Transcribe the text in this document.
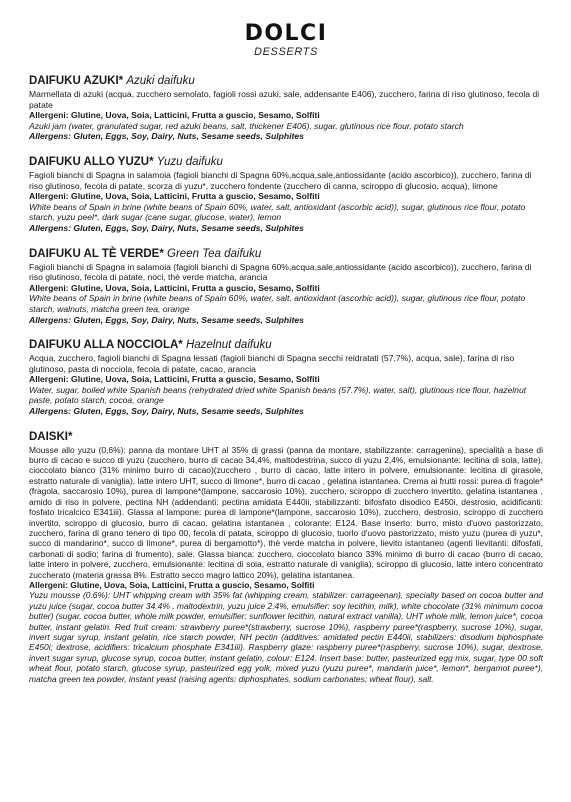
DOLCI
DESSERTS
DAIFUKU AZUKI* Azuki daifuku

Marmellata di azuki (acqua, zucchero semolato, fagioli rossi azuki, sale, addensante E406), zucchero, farina di riso glutinoso, fecola di patate

Allergeni: Glutine, Uova, Soia, Latticini, Frutta a guscio, Sesamo, Solfiti

Azuki jam (water, granulated sugar, red azuki beans, salt, thickener E406), sugar, glutinous rice flour, potato starch

Allergens: Gluten, Eggs, Soy, Dairy, Nuts, Sesame seeds, Sulphites

DAIFUKU ALLO YUZU* Yuzu daifuku

Fagioli bianchi di Spagna in salamoia (fagioli bianchi di Spagna 60%,acqua,sale,antiossidante (acido ascorbico)), zucchero, farina di riso glutinoso, fecola di patate, scorza di yuzu*, zucchero fondente (zucchero di canna, sciroppo di glucosio, acqua), limone

Allergeni: Glutine, Uova, Soia, Latticini, Frutta a guscio, Sesamo, Solfiti

White beans of Spain in brine (white beans of Spain 60%, water, salt, antioxidant (ascorbic acid)), sugar, glutinous rice flour, potato starch, yuzu peel*, dark sugar (cane sugar, glucose, water), lemon

Allergens: Gluten, Eggs, Soy, Dairy, Nuts, Sesame seeds, Sulphites

DAIFUKU AL TÈ VERDE* Green Tea daifuku

Fagioli bianchi di Spagna in salamoia (fagioli bianchi di Spagna 60%,acqua,sale,antiossidante (acido ascorbico)), zucchero, farina di riso glutinoso, fecola di patate, noci, thè verde matcha, arancia

Allergeni: Glutine, Uova, Soia, Latticini, Frutta a guscio, Sesamo, Solfiti

White beans of Spain in brine (white beans of Spain 60%, water, salt, antioxidant (ascorbic acid)), sugar, glutinous rice flour, potato starch, walnuts, matcha green tea, orange

Allergens: Gluten, Eggs, Soy, Dairy, Nuts, Sesame seeds, Sulphites

DAIFUKU ALLA NOCCIOLA* Hazelnut daifuku

Acqua, zucchero, fagioli bianchi di Spagna lessati (fagioli bianchi di Spagna secchi reidratati (57,7%), acqua, sale), farina di riso glutinoso, pasta di nocciola, fecola di patate, cacao, arancia

Allergeni: Glutine, Uova, Soia, Latticini, Frutta a guscio, Sesamo, Solfiti

Water, sugar, boiled white Spanish beans (rehydrated dried white Spanish beans (57.7%), water, salt), glutinous rice flour, hazelnut paste, potato starch, cocoa, orange

Allergens: Gluten, Eggs, Soy, Dairy, Nuts, Sesame seeds, Sulphites

DAISKI*

Mousse allo yuzu (0,6%): panna da montare UHT al 35% di grassi (panna da montare, stabilizzante: carragenina), specialità a base di burro di cacao e succo di yuzu (zucchero, burro di cacao 34,4%, maltodestrina, succo di yuzu 2,4%, emulsionante: lecitina di soia, latte), cioccolato bianco (31% minimo burro di cacao)(zucchero , burro di cacao, latte intero in polvere, emulsionante: lecitina di girasole, estratto naturale di vaniglia), latte intero UHT, succo di limone*, burro di cacao , gelatina istantanea. Crema ai frutti rossi: purea di fragole*(fragola, saccarosio 10%), purea di lampone*(lampone, saccarosio 10%), zucchero, sciroppo di zucchero invertito, gelatina istantanea , amido di riso in polvere, pectina NH (addendanti: pectina amidata E440ii, stabilizzanti: bifosfato disodico E450i, destrosio, acidificanti: fosfato tricalcico E341iii). Glassa al lampone: purea di lampone*(lampone, saccarosio 10%), zucchero, destrosio, sciroppo di zucchero invertito, sciroppo di glucosio, burro di cacao, gelatina istantanea , colorante: E124. Base inserto: burro, misto d'uovo pastorizzato, zucchero, farina di grano tenero di tipo 00, fecola di patata, sciroppo di glucosio, tuorlo d'uovo pastorizzato, misto yuzu (purea di yuzu*, succo di mandarino*, succo di limone*, purea di bergamotto*), thè verde matcha in polvere, lievito istantaneo (agenti lievitanti: difosfati, carbonati di sodio; farina di frumento), sale. Glassa bianca: zucchero, cioccolato bianco 33% minimo di burro di cacao (burro di cacao, latte intero in polvere, zucchero, emulsionante: lecitina di soia, estratto naturale di vaniglia), sciroppo di glucosio, latte intero concentrato zuccherato (materia grassa 8%. Estratto secco magro lattico 20%), gelatina istantanea.

Allergeni: Glutine, Uova, Soia, Latticini, Frutta a guscio, Sesamo, Solfiti

Yuzu mousse (0.6%): UHT whipping cream with 35% fat (whipping cream, stabilizer: carrageenan), specialty based on cocoa butter and yuzu juice (sugar, cocoa butter 34.4% , maltodextrin, yuzu juice 2.4%, emulsifier: soy lecithin, milk), white chocolate (31% minimum cocoa butter) (sugar, cocoa butter, whole milk powder, emulsifier: sunflower lecithin, natural extract vanilla), UHT whole milk, lemon juice*, cocoa butter, instant gelatin. Red fruit cream: strawberry puree*(strawberry, sucrose 10%), raspberry puree*(raspberry, sucrose 10%), sugar, invert sugar syrup, instant gelatin, rice starch powder, NH pectin (additives: amidated pectin E440ii, stabilizers: disodium biphosphate E450i; dextrose, acidifiers: tricalcium phosphate E341iii). Raspberry glaze: raspberry puree*(raspberry, sucrose 10%), sugar, dextrose, invert sugar syrup, glucose syrup, cocoa butter, instant gelatin, colour: E124. Insert base: butter, pasteurized egg mix, sugar, type 00 soft wheat flour, potato starch, glucose syrup, pasteurized egg yolk, mixed yuzu (yuzu puree*, mandarin juice*, lemon*, bergamot puree*), matcha green tea powder, instant yeast (raising agents: diphosphates, sodium carbonates; wheat flour), salt.
